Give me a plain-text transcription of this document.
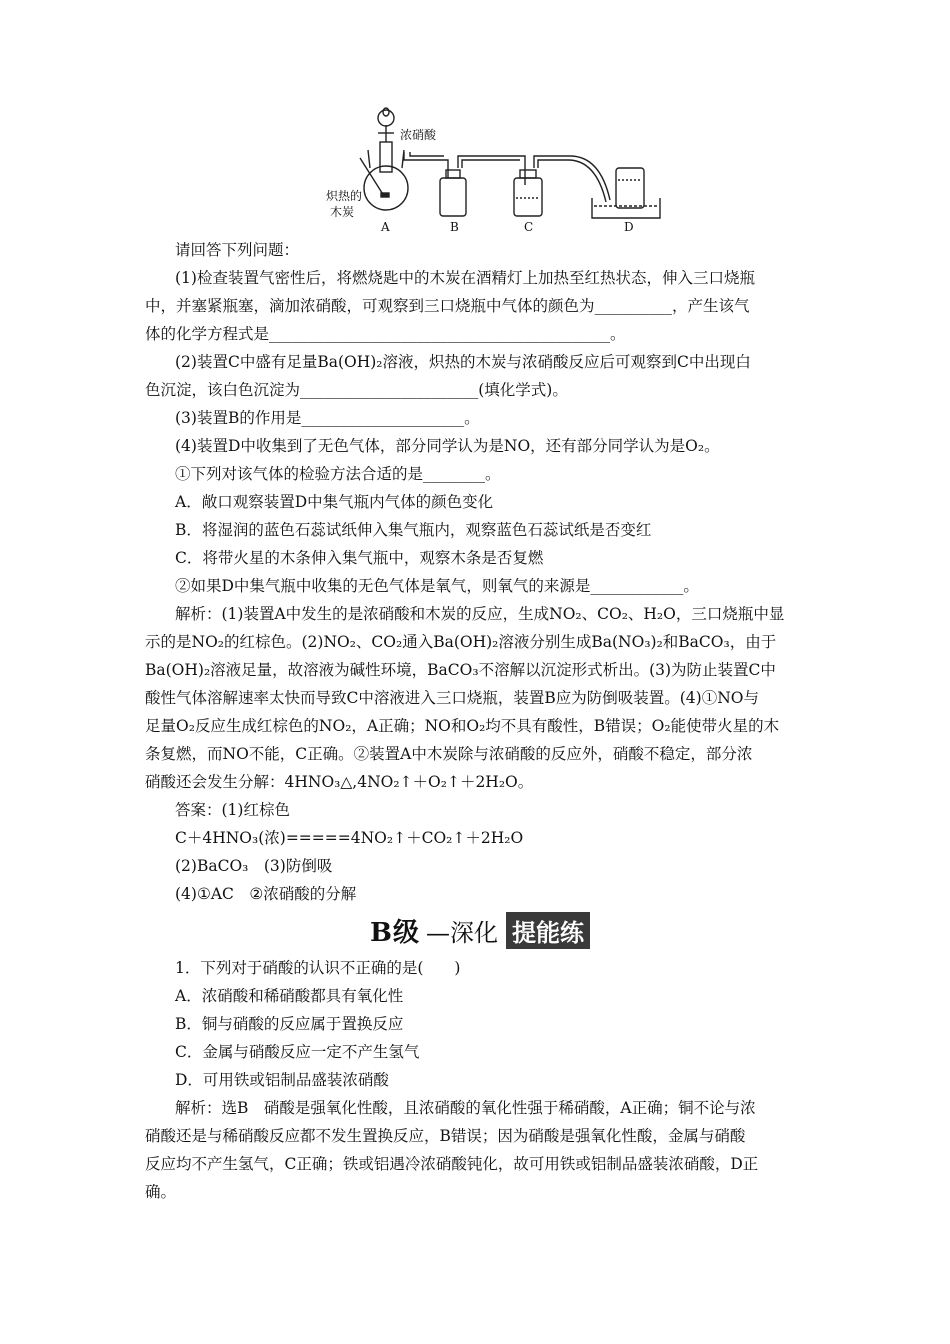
浓硝酸
炽热的
木炭
A	B	C	D
请回答下列问题：
(1)检查装置气密性后，将燃烧匙中的木炭在酒精灯上加热至红热状态，伸入三口烧瓶
中，并塞紧瓶塞，滴加浓硝酸，可观察到三口烧瓶中气体的颜色为__________，产生该气
体的化学方程式是____________________________________________。
(2)装置C中盛有足量Ba(OH)₂溶液，炽热的木炭与浓硝酸反应后可观察到C中出现白
色沉淀，该白色沉淀为_______________________(填化学式)。
(3)装置B的作用是_____________________。
(4)装置D中收集到了无色气体，部分同学认为是NO，还有部分同学认为是O₂。
①下列对该气体的检验方法合适的是________。
A．敞口观察装置D中集气瓶内气体的颜色变化
B．将湿润的蓝色石蕊试纸伸入集气瓶内，观察蓝色石蕊试纸是否变红
C．将带火星的木条伸入集气瓶中，观察木条是否复燃
②如果D中集气瓶中收集的无色气体是氧气，则氧气的来源是____________。
解析：(1)装置A中发生的是浓硝酸和木炭的反应，生成NO₂、CO₂、H₂O，三口烧瓶中显
示的是NO₂的红棕色。(2)NO₂、CO₂通入Ba(OH)₂溶液分别生成Ba(NO₃)₂和BaCO₃，由于
Ba(OH)₂溶液足量，故溶液为碱性环境，BaCO₃不溶解以沉淀形式析出。(3)为防止装置C中
酸性气体溶解速率太快而导致C中溶液进入三口烧瓶，装置B应为防倒吸装置。(4)①NO与
足量O₂反应生成红棕色的NO₂，A正确；NO和O₂均不具有酸性，B错误；O₂能使带火星的木
条复燃，而NO不能，C正确。②装置A中木炭除与浓硝酸的反应外，硝酸不稳定，部分浓
硝酸还会发生分解：4HNO₃△,4NO₂↑＋O₂↑＋2H₂O。
答案：(1)红棕色
C＋4HNO₃(浓)=====4NO₂↑＋CO₂↑＋2H₂O
(2)BaCO₃　(3)防倒吸
(4)①AC　②浓硝酸的分解
B级 —深化 提能练
1．下列对于硝酸的认识不正确的是(　　)
A．浓硝酸和稀硝酸都具有氧化性
B．铜与硝酸的反应属于置换反应
C．金属与硝酸反应一定不产生氢气
D．可用铁或铝制品盛装浓硝酸
解析：选B　硝酸是强氧化性酸，且浓硝酸的氧化性强于稀硝酸，A正确；铜不论与浓
硝酸还是与稀硝酸反应都不发生置换反应，B错误；因为硝酸是强氧化性酸，金属与硝酸
反应均不产生氢气，C正确；铁或铝遇冷浓硝酸钝化，故可用铁或铝制品盛装浓硝酸，D正
确。
